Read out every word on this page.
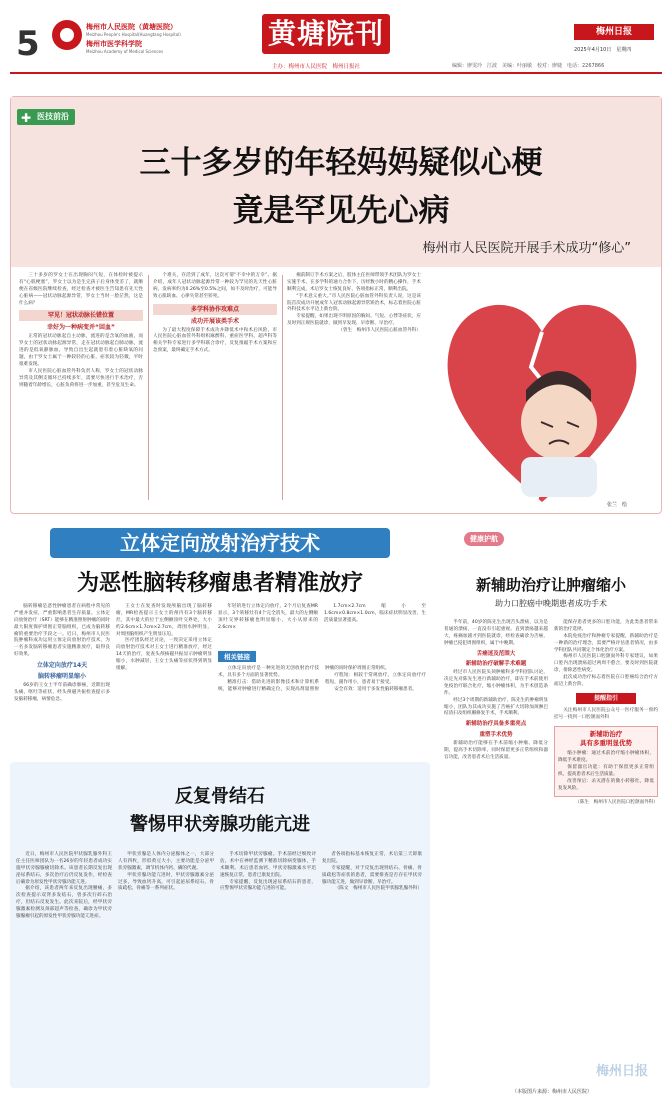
5	梅州市人民医院（黄塘医院）
Meizhou People's Hospital(Huangtang Hospital)
梅州市医学科学院
Meizhou Academy of Medical Sciences
黄塘院刊
主办：梅州市人民医院　梅州日报社
梅州日报
2025年4月10日　星期四
编辑：廖雯玲　江波　美编：叶丽敏　校对：廖婕　电话：2267866
✚ 医技前沿
三十多岁的年轻妈妈疑似心梗
竟是罕见先心病
梅州市人民医院开展手术成功“修心”
张兰　绘

三十多岁的罗女士在出现胸闷气短，在体检时被提示有“心肌梗塞”，罗女士以为是生完孩子后身体变差了，就顺便在省级医院继续检查，经过检查才被医生告知患有先天性心脏病——冠状动脉起源异常，罗女士当时一脸茫然，这是什么病？

罕见！冠状动脉长错位置
幸好为一种病变并“回血”

正常的冠状动脉起自主动脉，流进的是含氧的血液，而罗女士的冠状动脉起源异常，走在冠状动脉起自肺动脉，流进的是低氧静脉血，导致自出生起就患有着心脏缺氧的问题，由于罗女士属于一种较轻的心脏，症状较为轻微，平时很难发现。

市人民医院心脏血管外科负责人称，罗女士的冠状动脉异常及其侧支循环已持续多年，需要尽快进行手术治疗，否则随着年龄增长，心脏负荷将进一步加重，甚至危及生命。

个难关，存活到了成年，这次可谓“不幸中的万幸”。据介绍，成年人冠状动脉起源异常一种较为罕见的先天性心脏病，发病率约为0.26%至0.5%之间，如不及时治疗，可能导致心肌缺血、心律失常甚至猝死。

多学科协作攻难点
成功开展该类手术

为了最大程度保障手术成功并降低术中和术后风险，市人民医院心脏血管外科组织麻醉科、重症医学科、超声科等相关学科专家进行多学科联合诊疗，反复推敲手术方案和应急预案，最终确定手术方式。

瘤前制订手术方案之后，肢体主任医师带领手术团队为罗女士实施手术，在多学科的通力合作下，历经数小时的精心操作，手术顺利完成，术后罗女士恢复良好，各项指标正常，顺利出院。

“手术意义重大。”市人民医院心脏血管外科负责人说，这是该院首次成功开展成年人冠状动脉起源异常矫治术，标志着医院心脏外科技术水平迈上新台阶。

专家提醒，如果出现不明原因的胸闷、气短、心悸等症状，应及时到正规医院就诊，做到早发现、早诊断、早治疗。

（曾生　梅州市人民医院心脏血管外科）

立体定向放射治疗技术
为恶性脑转移瘤患者精准放疗

脑转移瘤是恶性肿瘤患者在病程中常见的严重并发症，严重影响患者生存质量。立体定向放射治疗（SRT）能够在精准照射肿瘤的同时最大限度保护周围正常脑组织，已成为脑转移瘤的重要治疗手段之一。近日，梅州市人民医院肿瘤科成功运用立体定向放射治疗技术，为一名多发脑转移瘤患者实施精准放疗，取得良好效果。

立体定向放疗14天
脑转移瘤明显缩小

66岁的王女士半年前确诊肺癌，近期出现头痛、呕吐等症状，经头颅磁共振检查提示多发脑转移瘤，病情危急。

王女士在复查时发现颅脑出现了脑转移瘤，MR检查提示王女士的颅内有3个脑转移灶，其中最大的位于左侧额顶叶交界处，大小约2.6cm×1.7cm×2.7cm，周围水肿明显，对周围脑组织产生明显压迫。

医疗团队经过讨论，一致决定采用立体定向放射治疗技术对王女士进行精准放疗，经过14天的治疗，复查头颅核磁共振显示肿瘤明显缩小，水肿减轻，王女士头痛等症状得到明显缓解。

年轻的进行立体定向放疗，2个月后复查MR显示，3个转移灶有4个完全消失，最大的左侧额顶叶交界转移瘤也明显缩小，大小从原来的2.6cm×

1.7cm×2.7cm缩小至1.6cm×0.8cm×1.0cm，临床症状明显改善，生活质量显著提高。

相关链接

立体定向放疗是一种先进的无创放射治疗技术，具有多个方面的显著优势。

精准打击：借助先进的影像技术和计算机系统，能够对肿瘤进行精确定位，实现高剂量照射肿瘤的同时保护周围正常组织。

疗程短：相较于常规放疗，立体定向放疗疗程短，副作用小，患者易于接受。

安全有效：适用于多发性脑转移瘤患者。

反复骨结石
警惕甲状旁腺功能亢进

近日，梅州市人民医院甲状腺乳腺外科王任主任医师团队为一名26岁的年轻患者成功实施甲状旁腺腺瘤切除术。该患者长期反复出现泌尿系结石，多次治疗后仍反复发作，经检查后确诊为原发性甲状旁腺功能亢进。

据介绍，该患者两年来反复出现腰痛，多次检查提示双肾多发结石，曾多次行碎石治疗，但结石反复发生。此次来院后，经甲状旁腺激素检测及颈部超声等检查，确诊为甲状旁腺腺瘤引起的原发性甲状旁腺功能亢进症。

甲状旁腺是人体内分泌腺体之一，大部分人有四枚，形似黄豆大小，主要功能是分泌甲状旁腺激素，调节机体内钙、磷的代谢。

甲状旁腺功能亢进时，甲状旁腺激素分泌过多，导致血钙升高，可引起泌尿系结石、骨质疏松、骨痛等一系列症状。

手术切除甲状旁腺瘤。手术前经过细致评估，术中在神经监测下精准切除病变腺体，手术顺利。术后患者血钙、甲状旁腺激素水平迅速恢复正常，患者已康复出院。

专家提醒，反复出现泌尿系结石的患者，应警惕甲状旁腺功能亢进的可能。

者各项指标基本恢复正常，术后第三天即康复出院。

专家提醒，对于反复出现肾结石、骨痛、骨质疏松等症状的患者，需要排查是否存在甲状旁腺功能亢进，做到早诊断、早治疗。

（陈文　梅州市人民医院甲状腺乳腺外科）

健康护航
新辅助治疗让肿瘤缩小
助力口腔癌中晚期患者成功手术

半年前，40岁的陈先生出现舌头溃疡，以为是普通的溃疡，一直没有引起重视。直到溃疡越来越大、疼痛加剧才到医院就诊，经检查确诊为舌癌，肿瘤已侵犯周围组织，属于中晚期。

舌癌迷及范围大
新辅助治疗破解手术难题

经过市人民医院头颈肿瘤科多学科团队讨论，决定先对陈先生进行新辅助治疗，即在手术前使用免疫治疗联合化疗，缩小肿瘤体积，为手术创造条件。

经过3个周期的新辅助治疗，陈先生的肿瘤明显缩小，团队为其成功实施了舌癌扩大切除加颈淋巴结清扫及组织瓣修复手术，手术顺利。

新辅助治疗具备多重亮点
重塑手术优势

新辅助治疗能够在手术前缩小肿瘤、降低分期，提高手术切除率，同时保留更多正常组织和器官功能，改善患者术后生活质量。

能保存患者更多的口腔功能，为此类患者带来新的治疗选择。

本院免疫治疗和肿瘤专家提醒，新辅助治疗是一种新的治疗理念，需要严格评估患者情况，由多学科团队共同制定个体化治疗方案。

梅州市人民医院口腔颌面外科专家建议，如果口腔内出现溃疡超过两周不愈合，要及时到医院就诊，排除恶性病变。

此次成功治疗标志着医院在口腔癌综合治疗方面迈上新台阶。

提醒指引

关注梅州市人民医院公众号一医疗服务一预约挂号一找到一口腔颌面外科

新辅助治疗
具有多重明显优势

缩小肿瘤：通过术前治疗缩小肿瘤体积，降低手术难度。

保留器官功能：有助于保留更多正常组织，提高患者术后生活质量。

改善预后：杀灭潜在的微小转移灶，降低复发风险。

（陈生　梅州市人民医院口腔颌面外科）

（本版图片来源：梅州市人民医院）
梅州日报
